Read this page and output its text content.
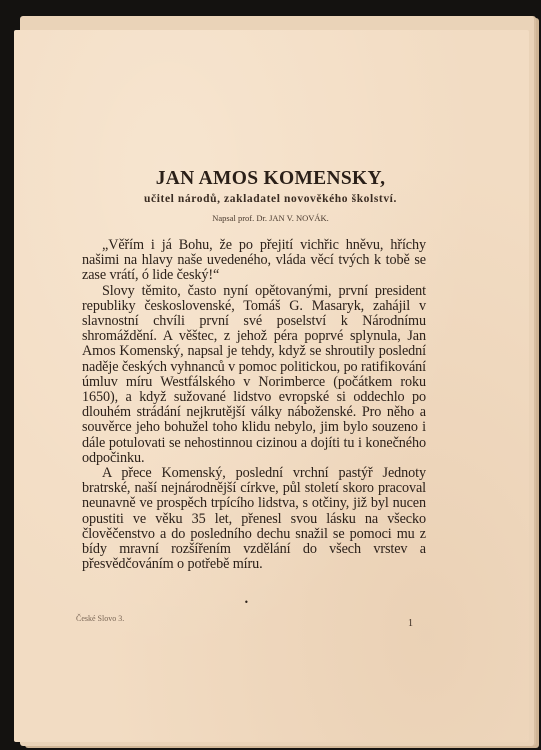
JAN AMOS KOMENSKY,
učitel národů, zakladatel novověkého školství.
Napsal prof. Dr. JAN V. NOVÁK.

„Věřím i já Bohu, že po přejití vichřic hněvu, hříchy našimi na hlavy naše uvedeného, vláda věcí tvých k tobě se zase vrátí, ó lide český!“

Slovy těmito, často nyní opětovanými, první president republiky československé, Tomáš G. Masaryk, zahájil v slavnostní chvíli první své poselství k Národnímu shromáždění. A věštec, z jehož péra poprvé splynula, Jan Amos Komenský, napsal je tehdy, když se shroutily poslední naděje českých vyhnanců v pomoc politickou, po ratifikování úmluv míru Westfálského v Norimberce (počátkem roku 1650), a když sužované lidstvo evropské si oddechlo po dlouhém strádání nejkrutější války náboženské. Pro něho a souvěrce jeho bohužel toho klidu nebylo, jim bylo souzeno i dále potulovati se nehostinnou cizinou a dojíti tu i konečného odpočinku.

A přece Komenský, poslední vrchní pastýř Jednoty bratrské, naší nejnárodnější církve, půl století skoro pracoval neunavně ve prospěch trpícího lidstva, s otčiny, již byl nucen opustiti ve věku 35 let, přenesl svou lásku na všecko člověčenstvo a do posledního dechu snažil se pomoci mu z bídy mravní rozšířením vzdělání do všech vrstev a přesvědčováním o potřebě míru.

•
České Slovo 3.	1
